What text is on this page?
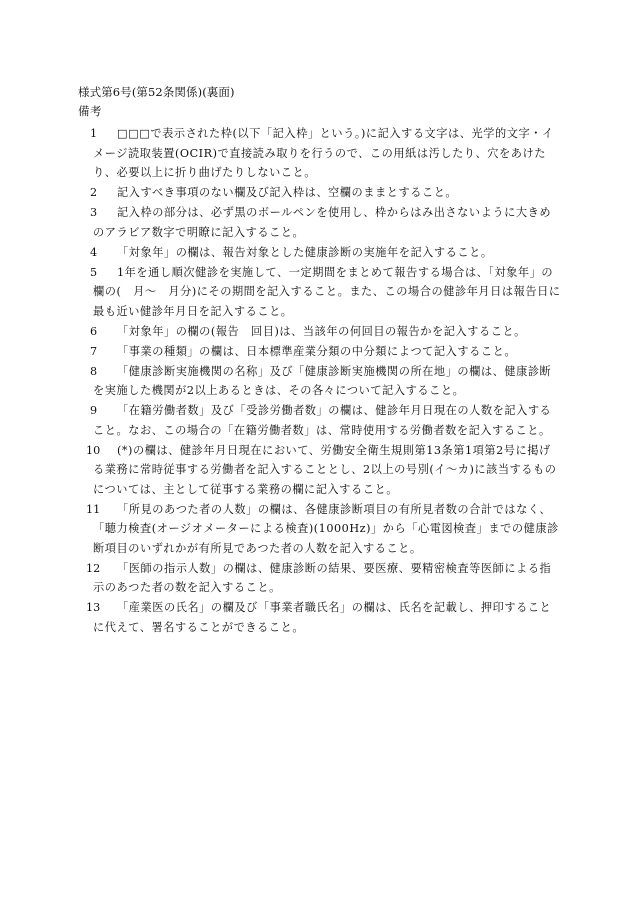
様式第6号(第52条関係)(裏面)
備考
1	□□□で表示された枠(以下「記入枠」という。)に記入する文字は、光学的文字・イメージ読取装置(OCIR)で直接読み取りを行うので、この用紙は汚したり、穴をあけたり、必要以上に折り曲げたりしないこと。
2	記入すべき事項のない欄及び記入枠は、空欄のままとすること。
3	記入枠の部分は、必ず黒のボールペンを使用し、枠からはみ出さないように大きめのアラビア数字で明瞭に記入すること。
4	「対象年」の欄は、報告対象とした健康診断の実施年を記入すること。
5	1年を通し順次健診を実施して、一定期間をまとめて報告する場合は、「対象年」の欄の(　月～　月分)にその期間を記入すること。また、この場合の健診年月日は報告日に最も近い健診年月日を記入すること。
6	「対象年」の欄の(報告　回目)は、当該年の何回目の報告かを記入すること。
7	「事業の種類」の欄は、日本標準産業分類の中分類によつて記入すること。
8	「健康診断実施機関の名称」及び「健康診断実施機関の所在地」の欄は、健康診断を実施した機関が2以上あるときは、その各々について記入すること。
9	「在籍労働者数」及び「受診労働者数」の欄は、健診年月日現在の人数を記入すること。なお、この場合の「在籍労働者数」は、常時使用する労働者数を記入すること。
10	(*)の欄は、健診年月日現在において、労働安全衛生規則第13条第1項第2号に掲げる業務に常時従事する労働者を記入することとし、2以上の号別(イ～カ)に該当するものについては、主として従事する業務の欄に記入すること。
11	「所見のあつた者の人数」の欄は、各健康診断項目の有所見者数の合計ではなく、「聴力検査(オージオメーターによる検査)(1000Hz)」から「心電図検査」までの健康診断項目のいずれかが有所見であつた者の人数を記入すること。
12	「医師の指示人数」の欄は、健康診断の結果、要医療、要精密検査等医師による指示のあつた者の数を記入すること。
13	「産業医の氏名」の欄及び「事業者職氏名」の欄は、氏名を記載し、押印することに代えて、署名することができること。
